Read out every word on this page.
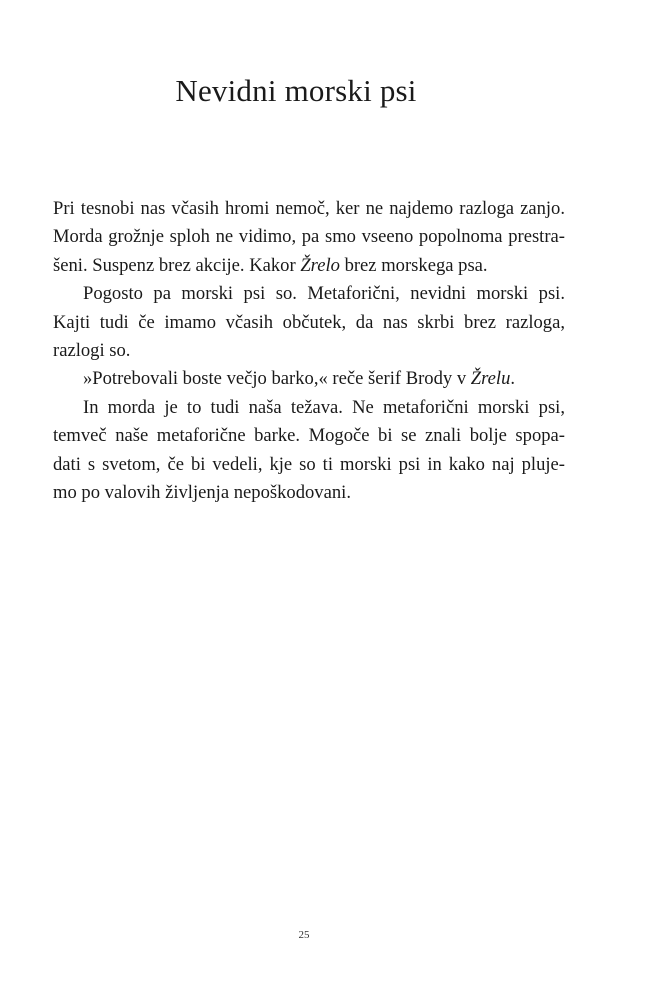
Nevidni morski psi
Pri tesnobi nas včasih hromi nemoč, ker ne najdemo razloga zanjo.
Morda grožnje sploh ne vidimo, pa smo vseeno popolnoma prestra-
šeni. Suspenz brez akcije. Kakor Žrelo brez morskega psa.
Pogosto pa morski psi so. Metaforični, nevidni morski psi.
Kajti tudi če imamo včasih občutek, da nas skrbi brez razloga,
razlogi so.
»Potrebovali boste večjo barko,« reče šerif Brody v Žrelu.
In morda je to tudi naša težava. Ne metaforični morski psi,
temveč naše metaforične barke. Mogoče bi se znali bolje spopa-
dati s svetom, če bi vedeli, kje so ti morski psi in kako naj pluje-
mo po valovih življenja nepoškodovani.
25
